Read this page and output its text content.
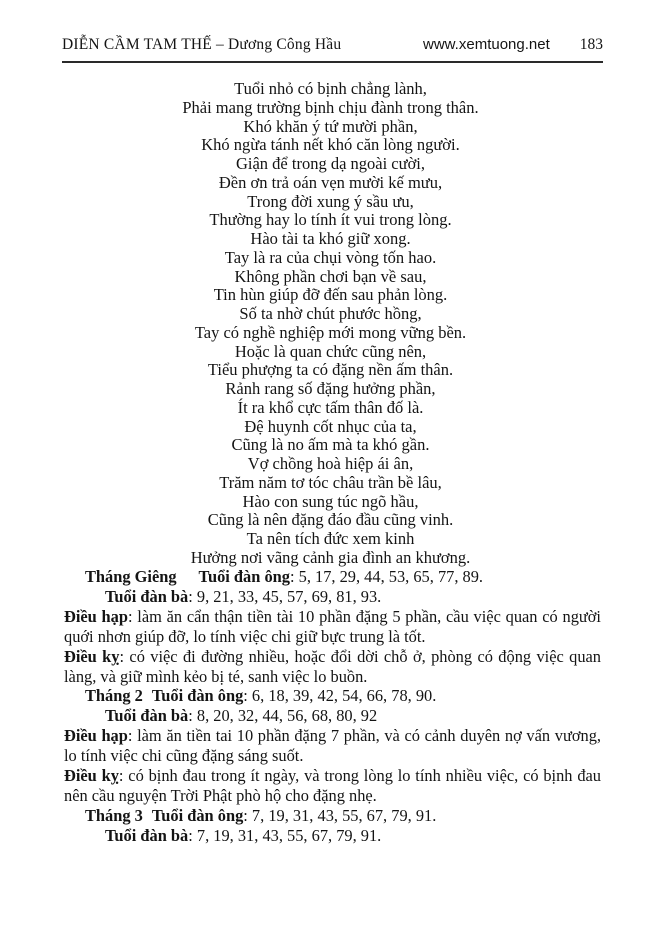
DIỄN CẦM TAM THẾ – Dương Công Hầu	www.xemtuong.net 183
Tuổi nhỏ có bịnh chẳng lành,
Phải mang trường bịnh chịu đành trong thân.
Khó khăn ý tứ mười phần,
Khó ngừa tánh nết khó căn lòng người.
Giận để trong dạ ngoài cười,
Đền ơn trả oán vẹn mười kế mưu,
Trong đời xung ý sầu ưu,
Thường hay lo tính ít vui trong lòng.
Hào tài ta khó giữ xong.
Tay là ra của chụi vòng tốn hao.
Không phần chơi bạn về sau,
Tin hùn giúp đỡ đến sau phản lòng.
Số ta nhờ chút phước hồng,
Tay có nghề nghiệp mới mong vững bền.
Hoặc là quan chức cũng nên,
Tiểu phượng ta có đặng nền ấm thân.
Rảnh rang số đặng hưởng phần,
Ít ra khổ cực tấm thân đố là.
Đệ huynh cốt nhục của ta,
Cũng là no ấm mà ta khó gần.
Vợ chồng hoà hiệp ái ân,
Trăm năm tơ tóc châu trần bề lâu,
Hào con sung túc ngõ hầu,
Cũng là nên đặng đáo đầu cũng vinh.
Ta nên tích đức xem kinh
Hưởng nơi vãng cảnh gia đình an khương.
Tháng Giêng Tuổi đàn ông: 5, 17, 29, 44, 53, 65, 77, 89.
Tuổi đàn bà: 9, 21, 33, 45, 57, 69, 81, 93.

Điều hạp: làm ăn cẩn thận tiền tài 10 phần đặng 5 phần, cầu việc quan có người quới nhơn giúp đỡ, lo tính việc chi giữ bực trung là tốt.

Điều kỵ: có việc đi đường nhiều, hoặc đổi dời chỗ ở, phòng có động việc quan làng, và giữ mình kẻo bị té, sanh việc lo buồn.

Tháng 2 Tuổi đàn ông: 6, 18, 39, 42, 54, 66, 78, 90.
Tuổi đàn bà: 8, 20, 32, 44, 56, 68, 80, 92

Điều hạp: làm ăn tiền tai 10 phần đặng 7 phần, và có cảnh duyên nợ vấn vương, lo tính việc chi cũng đặng sáng suốt.

Điều kỵ: có bịnh đau trong ít ngày, và trong lòng lo tính nhiều việc, có bịnh đau nên cầu nguyện Trời Phật phò hộ cho đặng nhẹ.

Tháng 3 Tuổi đàn ông: 7, 19, 31, 43, 55, 67, 79, 91.
Tuổi đàn bà: 7, 19, 31, 43, 55, 67, 79, 91.
